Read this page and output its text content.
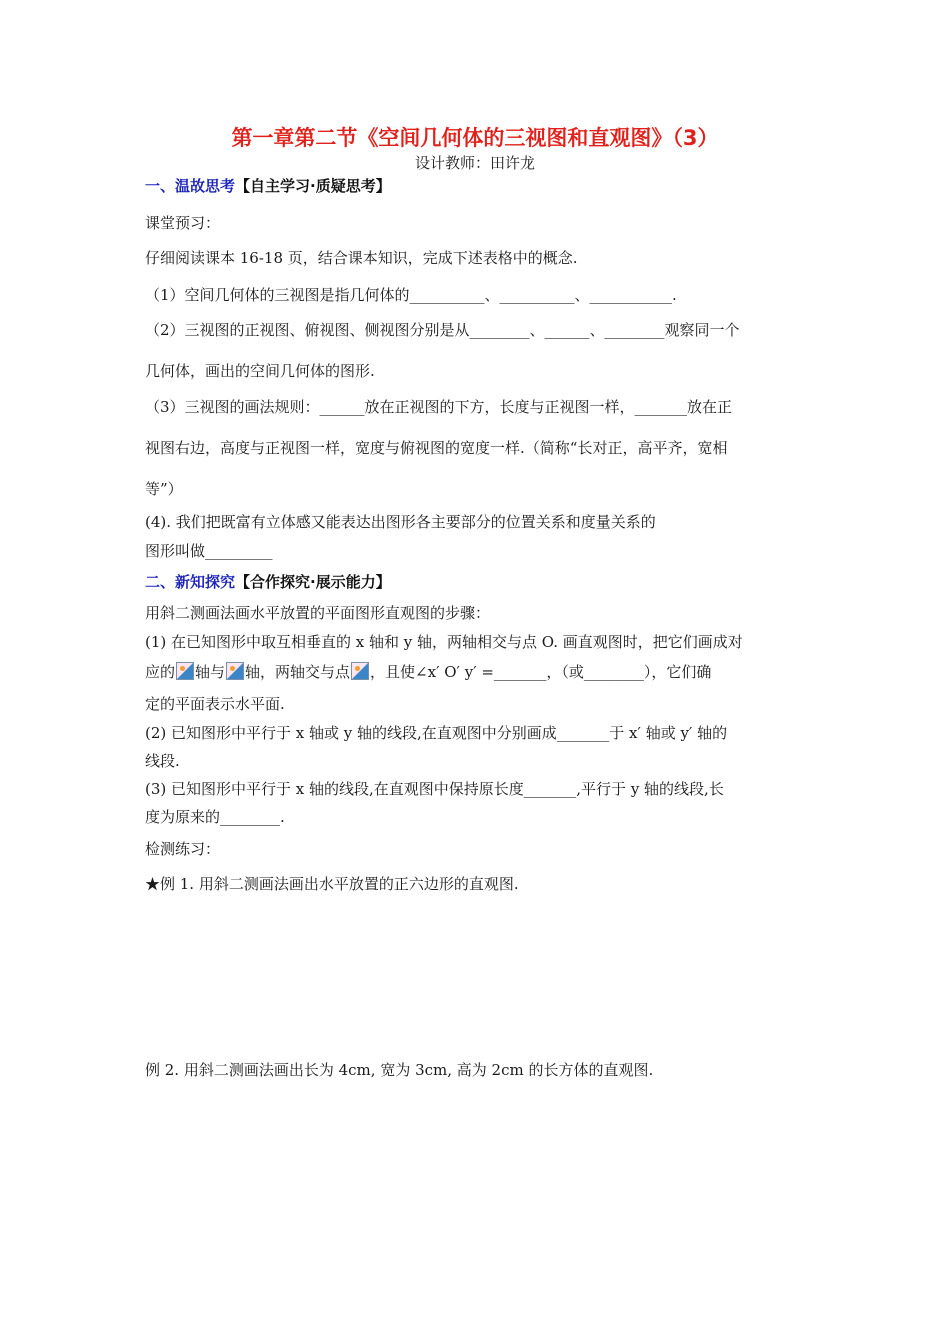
第一章第二节《空间几何体的三视图和直观图》（3）
设计教师：田许龙
一、温故思考【自主学习·质疑思考】
课堂预习：
仔细阅读课本 16-18 页，结合课本知识，完成下述表格中的概念.
（1）空间几何体的三视图是指几何体的__________、__________、___________.
（2）三视图的正视图、俯视图、侧视图分别是从________、______、________观察同一个
几何体，画出的空间几何体的图形.
（3）三视图的画法规则：______放在正视图的下方，长度与正视图一样，_______放在正
视图右边，高度与正视图一样，宽度与俯视图的宽度一样.（简称“长对正，高平齐，宽相
等”）
(4). 我们把既富有立体感又能表达出图形各主要部分的位置关系和度量关系的
图形叫做_________
二、新知探究【合作探究·展示能力】
用斜二测画法画水平放置的平面图形直观图的步骤：
(1) 在已知图形中取互相垂直的 x 轴和 y 轴，两轴相交与点 O. 画直观图时，把它们画成对
应的 轴与 轴，两轴交与点 ，且使∠x′ O′ y′ =_______，（或________），它们确
定的平面表示水平面.
(2) 已知图形中平行于 x 轴或 y 轴的线段,在直观图中分别画成_______于 x′ 轴或 y′ 轴的
线段.
(3) 已知图形中平行于 x 轴的线段,在直观图中保持原长度_______,平行于 y 轴的线段,长
度为原来的________.
检测练习：
★例 1. 用斜二测画法画出水平放置的正六边形的直观图.
例 2. 用斜二测画法画出长为 4cm, 宽为 3cm, 高为 2cm 的长方体的直观图.
